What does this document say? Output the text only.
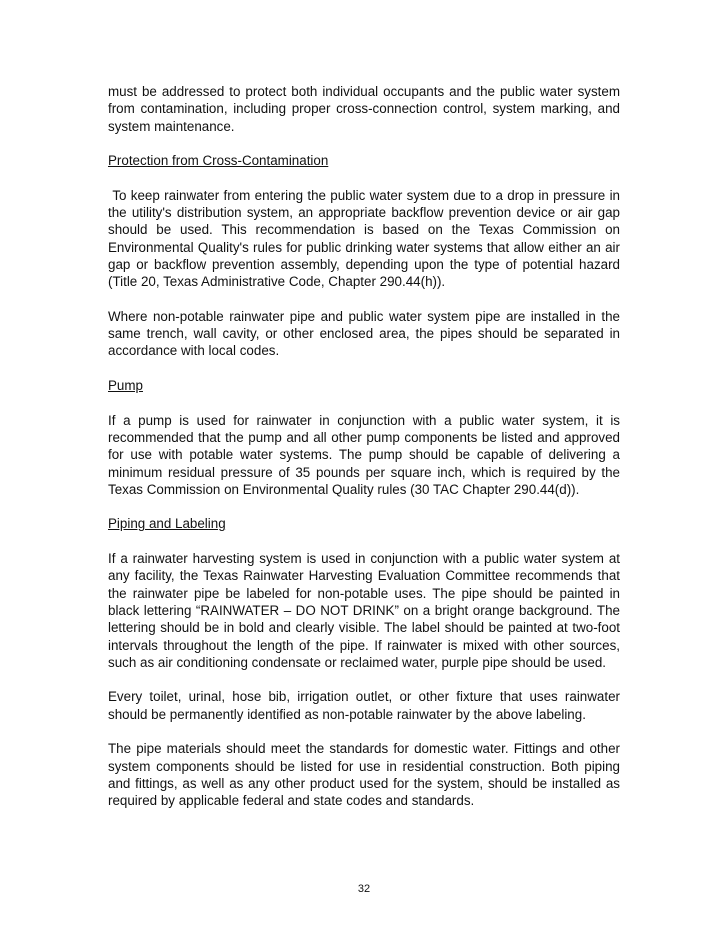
must be addressed to protect both individual occupants and the public water system from contamination, including proper cross-connection control, system marking, and system maintenance.

Protection from Cross-Contamination

To keep rainwater from entering the public water system due to a drop in pressure in the utility's distribution system, an appropriate backflow prevention device or air gap should be used. This recommendation is based on the Texas Commission on Environmental Quality's rules for public drinking water systems that allow either an air gap or backflow prevention assembly, depending upon the type of potential hazard (Title 20, Texas Administrative Code, Chapter 290.44(h)).

Where non-potable rainwater pipe and public water system pipe are installed in the same trench, wall cavity, or other enclosed area, the pipes should be separated in accordance with local codes.

Pump

If a pump is used for rainwater in conjunction with a public water system, it is recommended that the pump and all other pump components be listed and approved for use with potable water systems. The pump should be capable of delivering a minimum residual pressure of 35 pounds per square inch, which is required by the Texas Commission on Environmental Quality rules (30 TAC Chapter 290.44(d)).

Piping and Labeling

If a rainwater harvesting system is used in conjunction with a public water system at any facility, the Texas Rainwater Harvesting Evaluation Committee recommends that the rainwater pipe be labeled for non-potable uses. The pipe should be painted in black lettering “RAINWATER – DO NOT DRINK” on a bright orange background. The lettering should be in bold and clearly visible. The label should be painted at two-foot intervals throughout the length of the pipe. If rainwater is mixed with other sources, such as air conditioning condensate or reclaimed water, purple pipe should be used.

Every toilet, urinal, hose bib, irrigation outlet, or other fixture that uses rainwater should be permanently identified as non-potable rainwater by the above labeling.

The pipe materials should meet the standards for domestic water. Fittings and other system components should be listed for use in residential construction. Both piping and fittings, as well as any other product used for the system, should be installed as required by applicable federal and state codes and standards.

32
